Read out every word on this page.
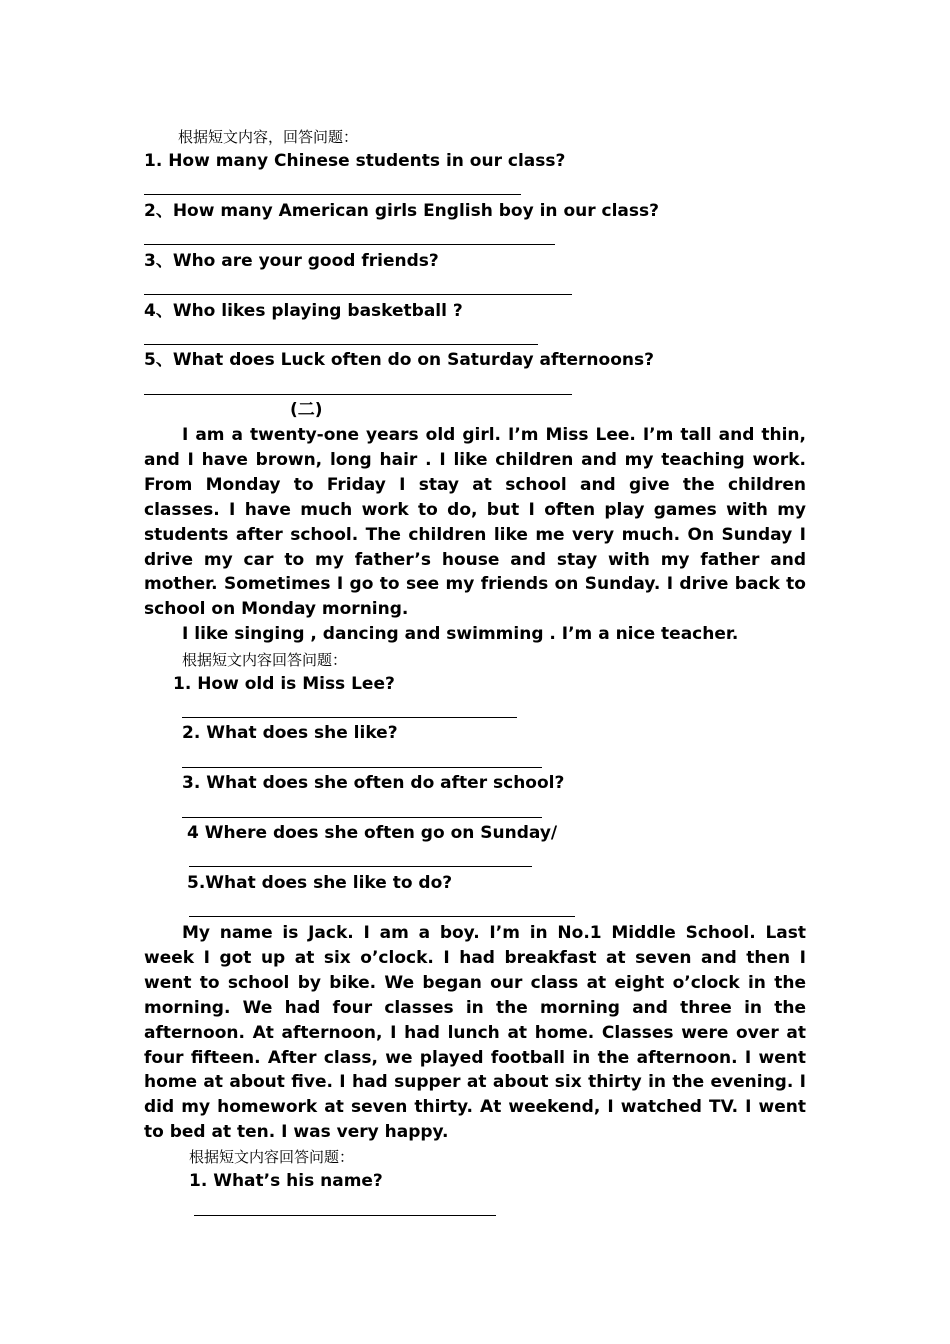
根据短文内容，回答问题：
1. How many Chinese students in our class?
2、How many American girls English boy in our class?
3、Who are your good friends?
4、Who likes playing basketball ?
5、What does Luck often do on Saturday afternoons?
(二)

I am a twenty-one years old girl. I’m Miss Lee. I’m tall and thin, and I have brown, long hair . I like children and my teaching work. From Monday to Friday I stay at school and give the children classes. I have much work to do, but I often play games with my students after school. The children like me very much. On Sunday I drive my car to my father’s house and stay with my father and mother. Sometimes I go to see my friends on Sunday. I drive back to school on Monday morning.

I like singing , dancing and swimming . I’m a nice teacher.
根据短文内容回答问题：
1. How old is Miss Lee?
2. What does she like?
3. What does she often do after school?
4 Where does she often go on Sunday/
5.What does she like to do?

My name is Jack. I am a boy. I’m in No.1 Middle School. Last week I got up at six o’clock. I had breakfast at seven and then I went to school by bike. We began our class at eight o’clock in the morning. We had four classes in the morning and three in the afternoon. At afternoon, I had lunch at home. Classes were over at four fifteen. After class, we played football in the afternoon. I went home at about five. I had supper at about six thirty in the evening. I did my homework at seven thirty. At weekend, I watched TV. I went to bed at ten. I was very happy.

根据短文内容回答问题：
1. What’s his name?
